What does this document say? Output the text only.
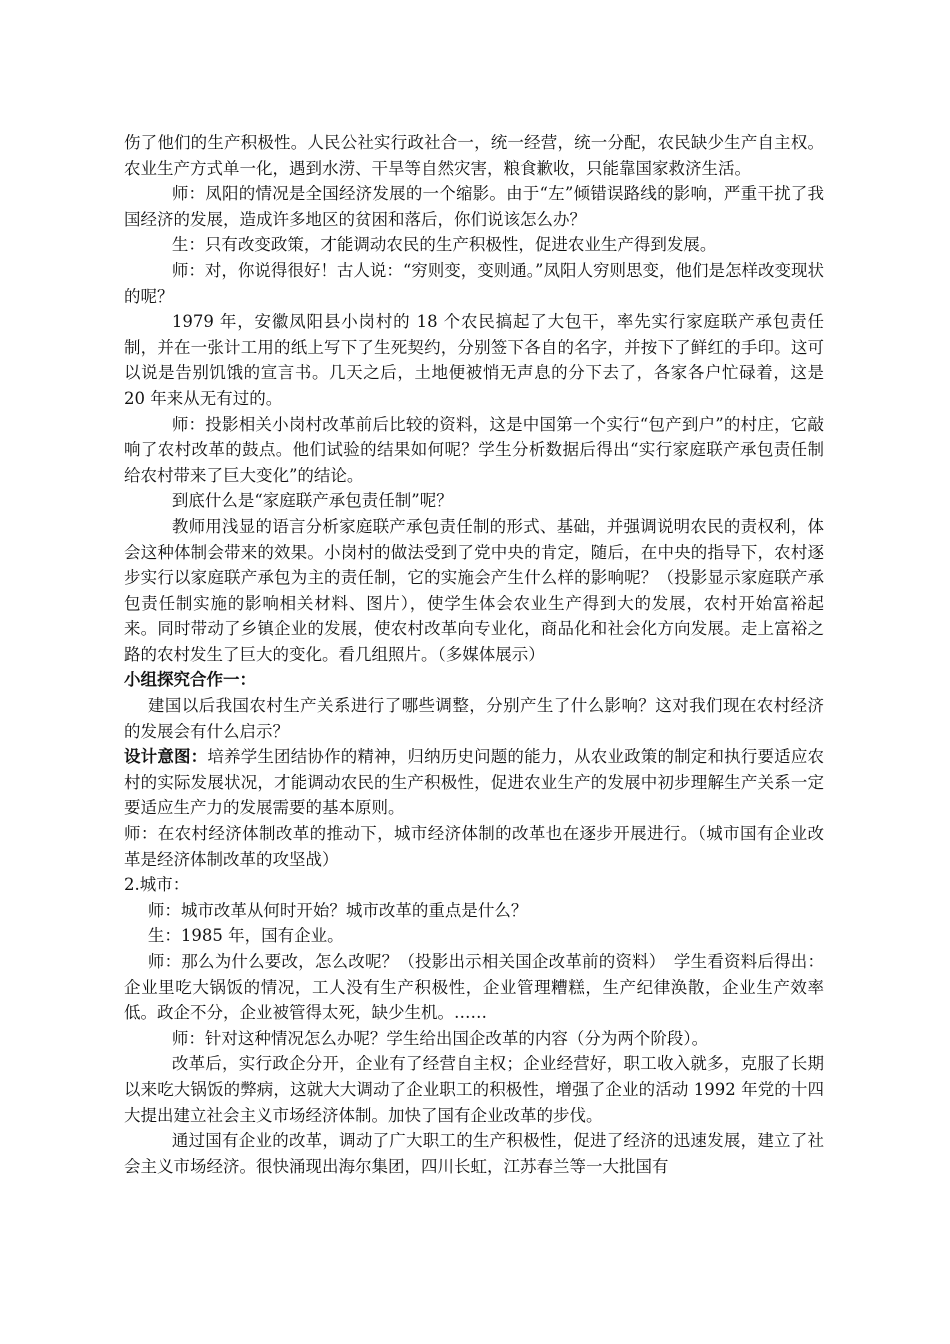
伤了他们的生产积极性。人民公社实行政社合一，统一经营，统一分配，农民缺少生产自主权。农业生产方式单一化，遇到水涝、干旱等自然灾害，粮食歉收，只能靠国家救济生活。

师：凤阳的情况是全国经济发展的一个缩影。由于“左”倾错误路线的影响，严重干扰了我国经济的发展，造成许多地区的贫困和落后，你们说该怎么办？

生：只有改变政策，才能调动农民的生产积极性，促进农业生产得到发展。

师：对，你说得很好！古人说：“穷则变，变则通。”凤阳人穷则思变，他们是怎样改变现状的呢？

1979 年，安徽凤阳县小岗村的 18 个农民搞起了大包干，率先实行家庭联产承包责任制，并在一张计工用的纸上写下了生死契约，分别签下各自的名字，并按下了鲜红的手印。这可以说是告别饥饿的宣言书。几天之后，土地便被悄无声息的分下去了，各家各户忙碌着，这是 20 年来从无有过的。

师：投影相关小岗村改革前后比较的资料，这是中国第一个实行“包产到户”的村庄，它敲响了农村改革的鼓点。他们试验的结果如何呢？学生分析数据后得出“实行家庭联产承包责任制给农村带来了巨大变化”的结论。

到底什么是“家庭联产承包责任制”呢？

教师用浅显的语言分析家庭联产承包责任制的形式、基础，并强调说明农民的责权利，体会这种体制会带来的效果。小岗村的做法受到了党中央的肯定，随后，在中央的指导下，农村逐步实行以家庭联产承包为主的责任制，它的实施会产生什么样的影响呢？（投影显示家庭联产承包责任制实施的影响相关材料、图片），使学生体会农业生产得到大的发展，农村开始富裕起来。同时带动了乡镇企业的发展，使农村改革向专业化，商品化和社会化方向发展。走上富裕之路的农村发生了巨大的变化。看几组照片。（多媒体展示）

小组探究合作一：

建国以后我国农村生产关系进行了哪些调整，分别产生了什么影响？这对我们现在农村经济的发展会有什么启示？

设计意图：培养学生团结协作的精神，归纳历史问题的能力，从农业政策的制定和执行要适应农村的实际发展状况，才能调动农民的生产积极性，促进农业生产的发展中初步理解生产关系一定要适应生产力的发展需要的基本原则。

师：在农村经济体制改革的推动下，城市经济体制的改革也在逐步开展进行。（城市国有企业改革是经济体制改革的攻坚战）

2.城市：

师：城市改革从何时开始？城市改革的重点是什么？

生：1985 年，国有企业。

师：那么为什么要改，怎么改呢？（投影出示相关国企改革前的资料）　学生看资料后得出：企业里吃大锅饭的情况，工人没有生产积极性，企业管理糟糕，生产纪律涣散，企业生产效率低。政企不分，企业被管得太死，缺少生机。……

师：针对这种情况怎么办呢？学生给出国企改革的内容（分为两个阶段）。

改革后，实行政企分开，企业有了经营自主权；企业经营好，职工收入就多，克服了长期以来吃大锅饭的弊病，这就大大调动了企业职工的积极性，增强了企业的活动 1992 年党的十四大提出建立社会主义市场经济体制。加快了国有企业改革的步伐。

通过国有企业的改革，调动了广大职工的生产积极性，促进了经济的迅速发展，建立了社会主义市场经济。很快涌现出海尔集团，四川长虹，江苏春兰等一大批国有
